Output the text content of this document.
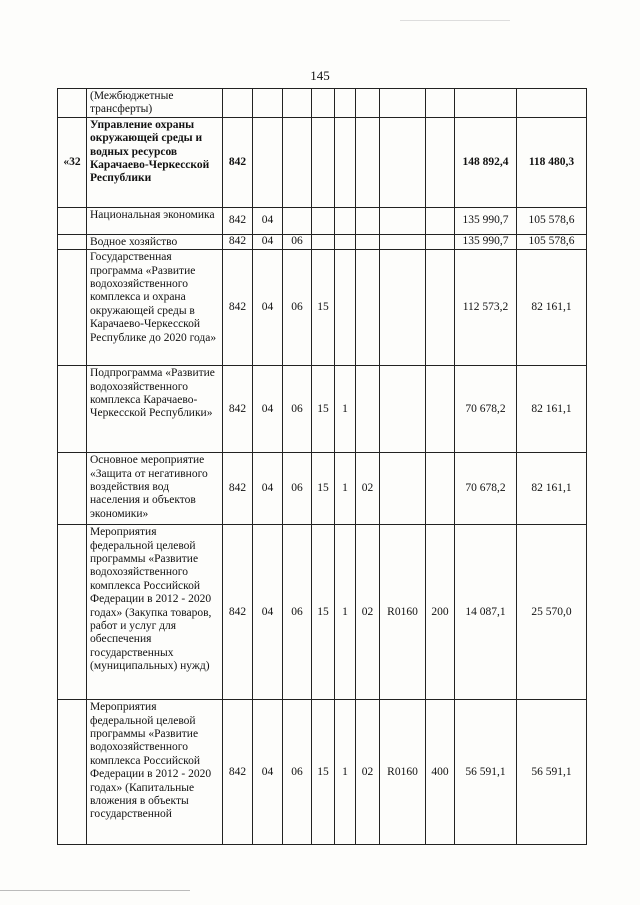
145
	(Межбюджетные трансферты)										
«32	Управление охраны окружающей среды и водных ресурсов Карачаево-Черкесской Республики	842								148 892,4	118 480,3
	Национальная экономика	842	04							135 990,7	105 578,6
	Водное хозяйство	842	04	06						135 990,7	105 578,6
	Государственная программа «Развитие водохозяйственного комплекса и охрана окружающей среды в Карачаево-Черкесской Республике до 2020 года»	842	04	06	15					112 573,2	82 161,1
	Подпрограмма «Развитие водохозяйственного комплекса Карачаево-Черкесской Республики»	842	04	06	15	1				70 678,2	82 161,1
	Основное мероприятие «Защита от негативного воздействия вод населения и объектов экономики»	842	04	06	15	1	02			70 678,2	82 161,1
	Мероприятия федеральной целевой программы «Развитие водохозяйственного комплекса Российской Федерации в 2012 - 2020 годах» (Закупка товаров, работ и услуг для обеспечения государственных (муниципальных) нужд)	842	04	06	15	1	02	R0160	200	14 087,1	25 570,0
	Мероприятия федеральной целевой программы «Развитие водохозяйственного комплекса Российской Федерации в 2012 - 2020 годах» (Капитальные вложения в объекты государственной	842	04	06	15	1	02	R0160	400	56 591,1	56 591,1
